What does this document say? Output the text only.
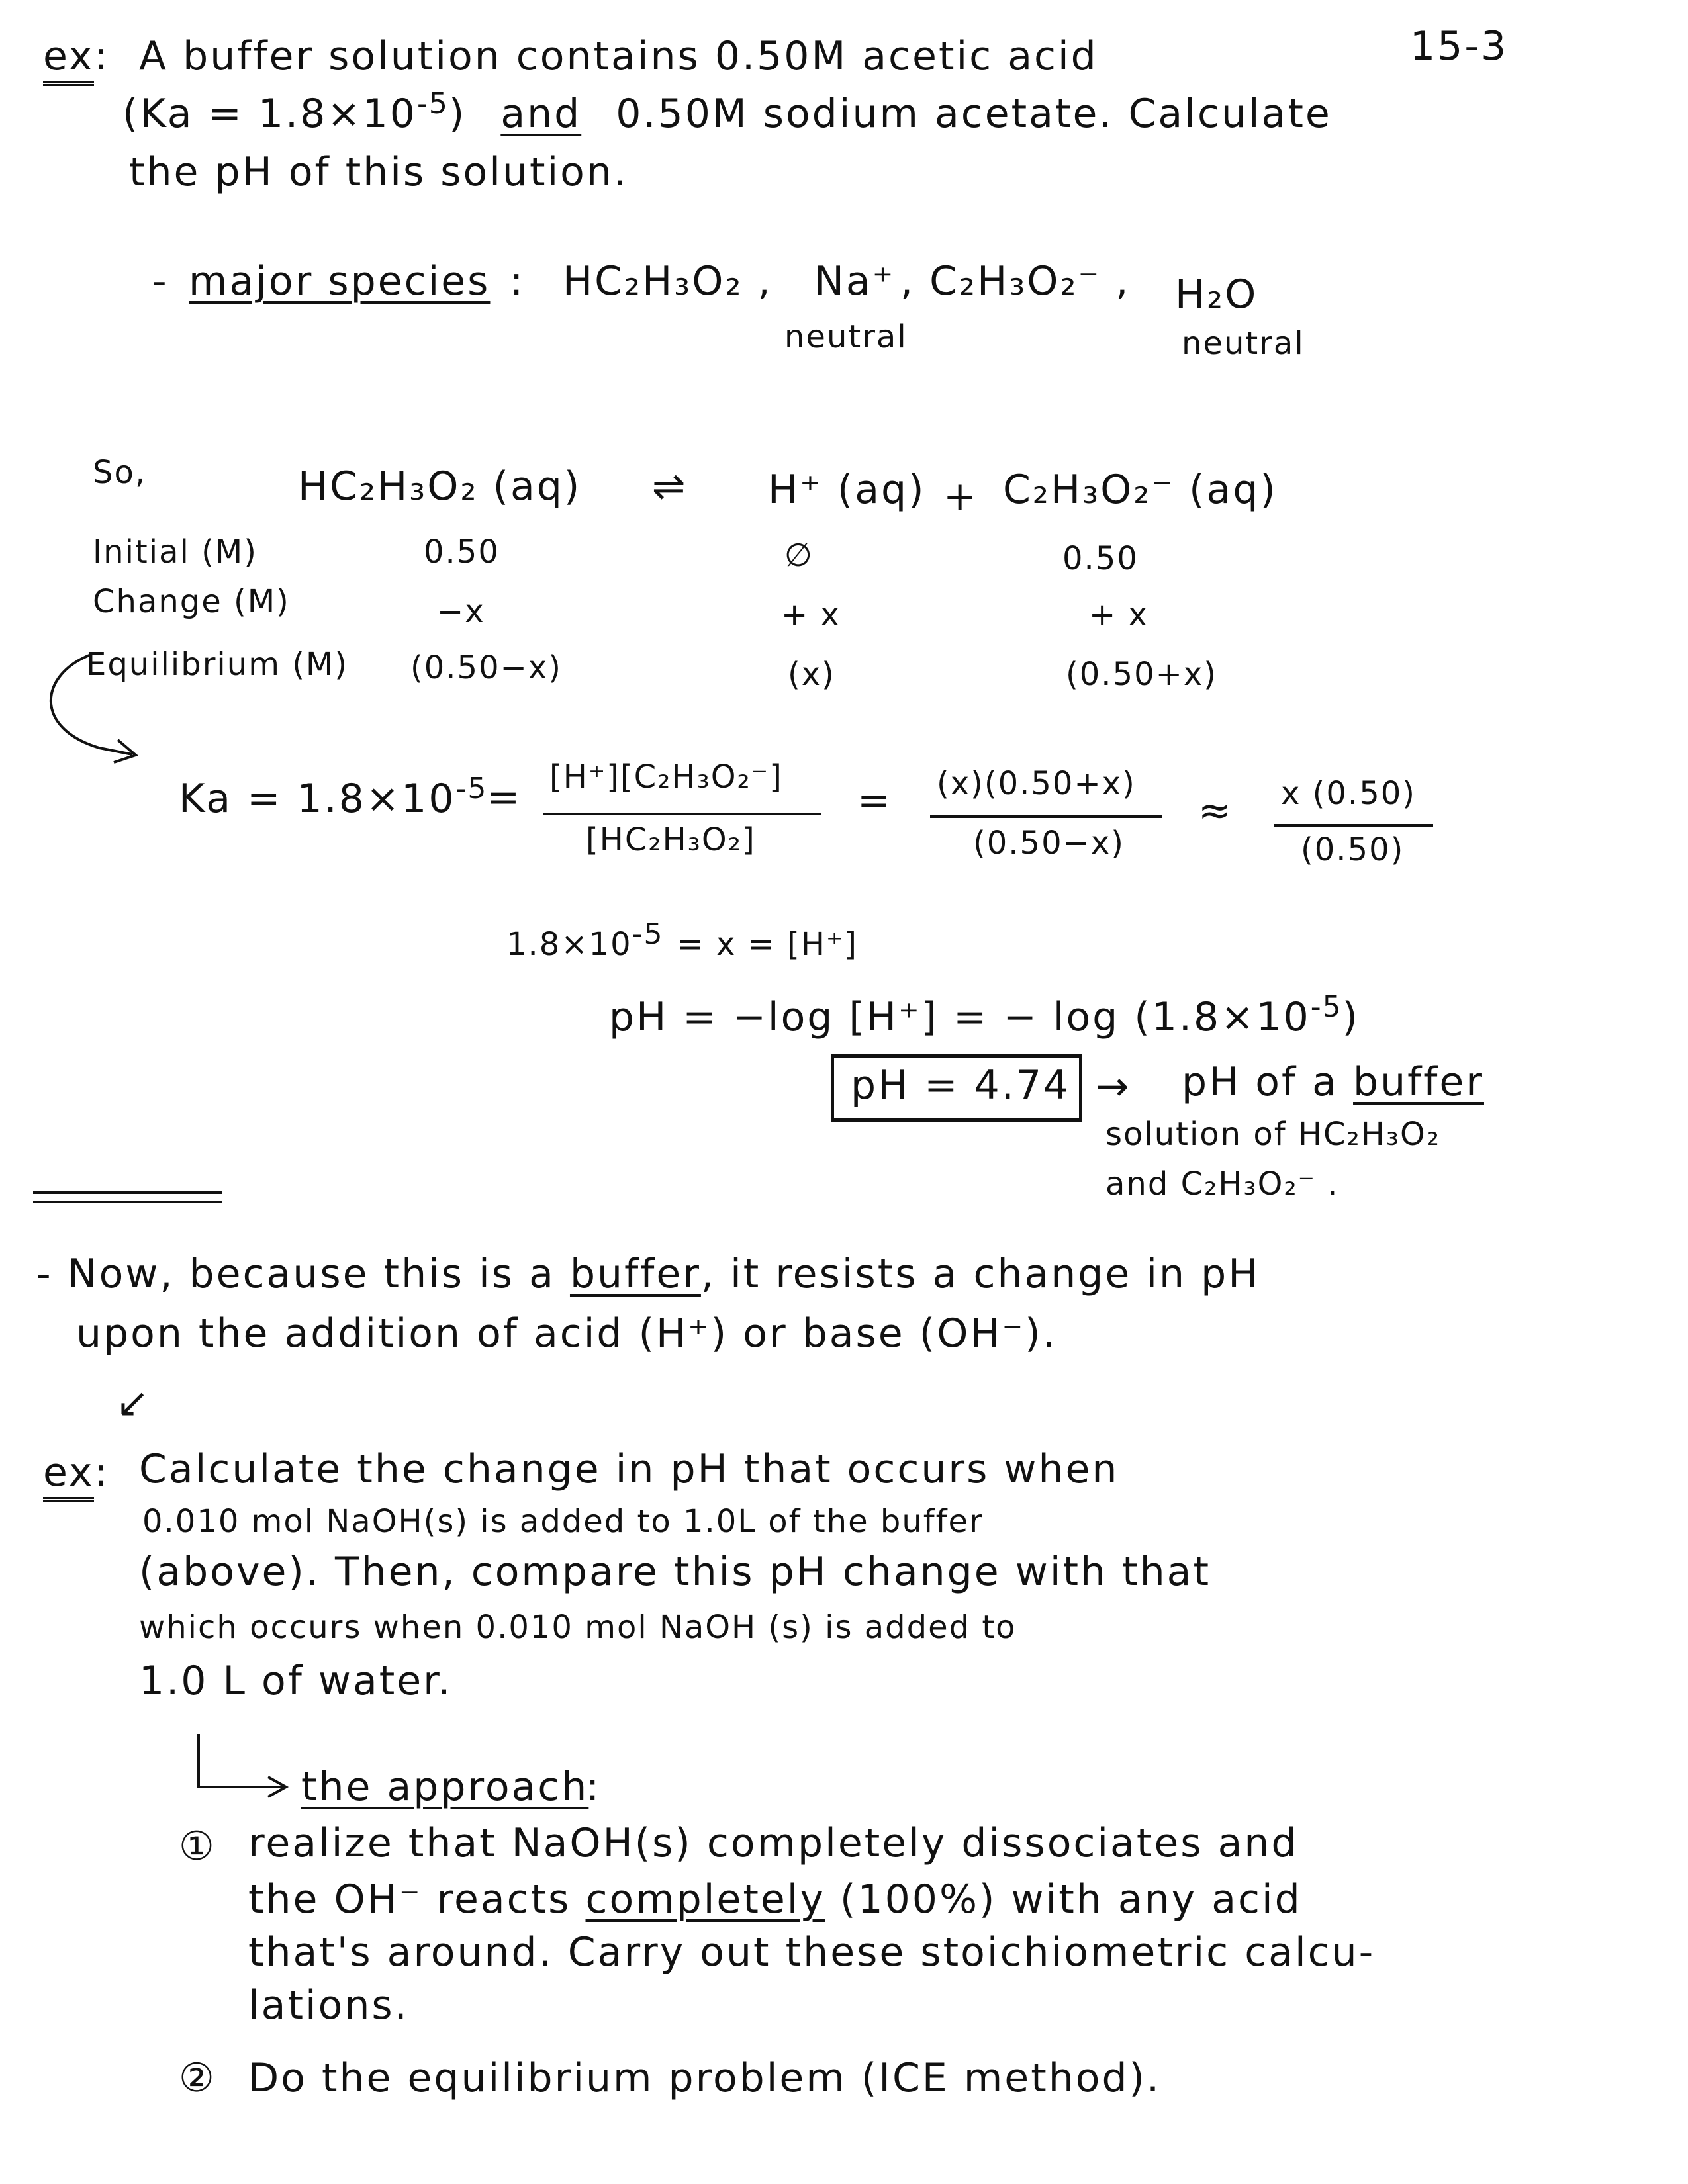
15-3
ex: A buffer solution contains 0.50M acetic acid
$(Ka = 1.8\times 10^{-5})$ and 0.50M sodium acetate. Calculate
the pH of this solution.
- major species : HC₂H₃O₂ , Na⁺
neutral
, C₂H₃O₂⁻ , H₂O
neutral
So,	HC₂H₃O₂ (aq) ⇌ H⁺ (aq) + C₂H₃O₂⁻ (aq)
Initial (M)	0.50	∅	0.50
Change (M)	−x	+ x	+ x
Equilibrium (M) (0.50−x)	(x)	(0.50+x)
$Ka = 1.8\times 10^{-5}$
= [H⁺][C₂H₃O₂⁻]
[HC₂H₃O₂]
= (x)(0.50+x)
(0.50−x)
≈ x (0.50)
(0.50)
$1.8\times 10^{-5} = x = [H^+]$
pH = −log [H⁺] = − $\log (1.8\times 10^{-5})$
pH = 4.74 → pH of a buffer
solution of HC₂H₃O₂
and C₂H₃O₂⁻ .
- Now, because this is a buffer, it resists a change in pH
upon the addition of acid (H⁺) or base (OH⁻).
↙
ex: Calculate the change in pH that occurs when
0.010 mol NaOH(s) is added to 1.0L of the buffer
(above). Then, compare this pH change with that
which occurs when 0.010 mol NaOH (s) is added to
1.0 L of water.
the approach
:
① realize that NaOH(s) completely dissociates and
the OH⁻ reacts completely (100%) with any acid
that's around. Carry out these stoichiometric calcu-
lations.
② Do the equilibrium problem (ICE method).
